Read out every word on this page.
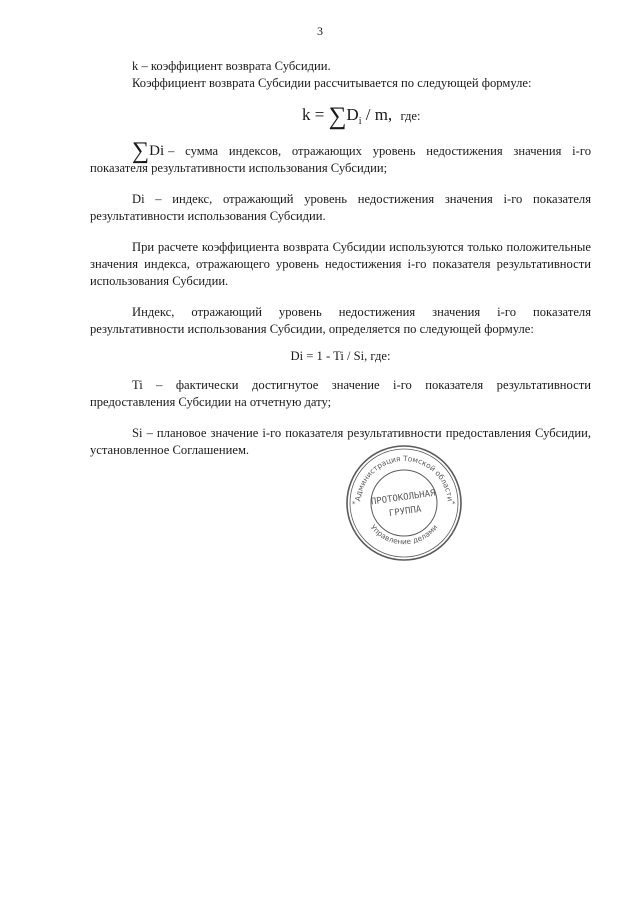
3

k – коэффициент возврата Субсидии.

Коэффициент возврата Субсидии рассчитывается по следующей формуле:

$k = \sum D_i / m$, где:

∑Di – сумма индексов, отражающих уровень недостижения значения i-го показателя результативности использования Субсидии;

Di – индекс, отражающий уровень недостижения значения i-го показателя результативности использования Субсидии.

При расчете коэффициента возврата Субсидии используются только положительные значения индекса, отражающего уровень недостижения i-го показателя результативности использования Субсидии.

Индекс, отражающий уровень недостижения значения i-го показателя результативности использования Субсидии, определяется по следующей формуле:

Di = 1 - Ti / Si, где:

Ti – фактически достигнутое значение i-го показателя результативности предоставления Субсидии на отчетную дату;

Si – плановое значение i-го показателя результативности предоставления Субсидии, установленное Соглашением.

Администрация Томской области
Управление делами
*	*
ПРОТОКОЛЬНАЯ
ГРУППА
